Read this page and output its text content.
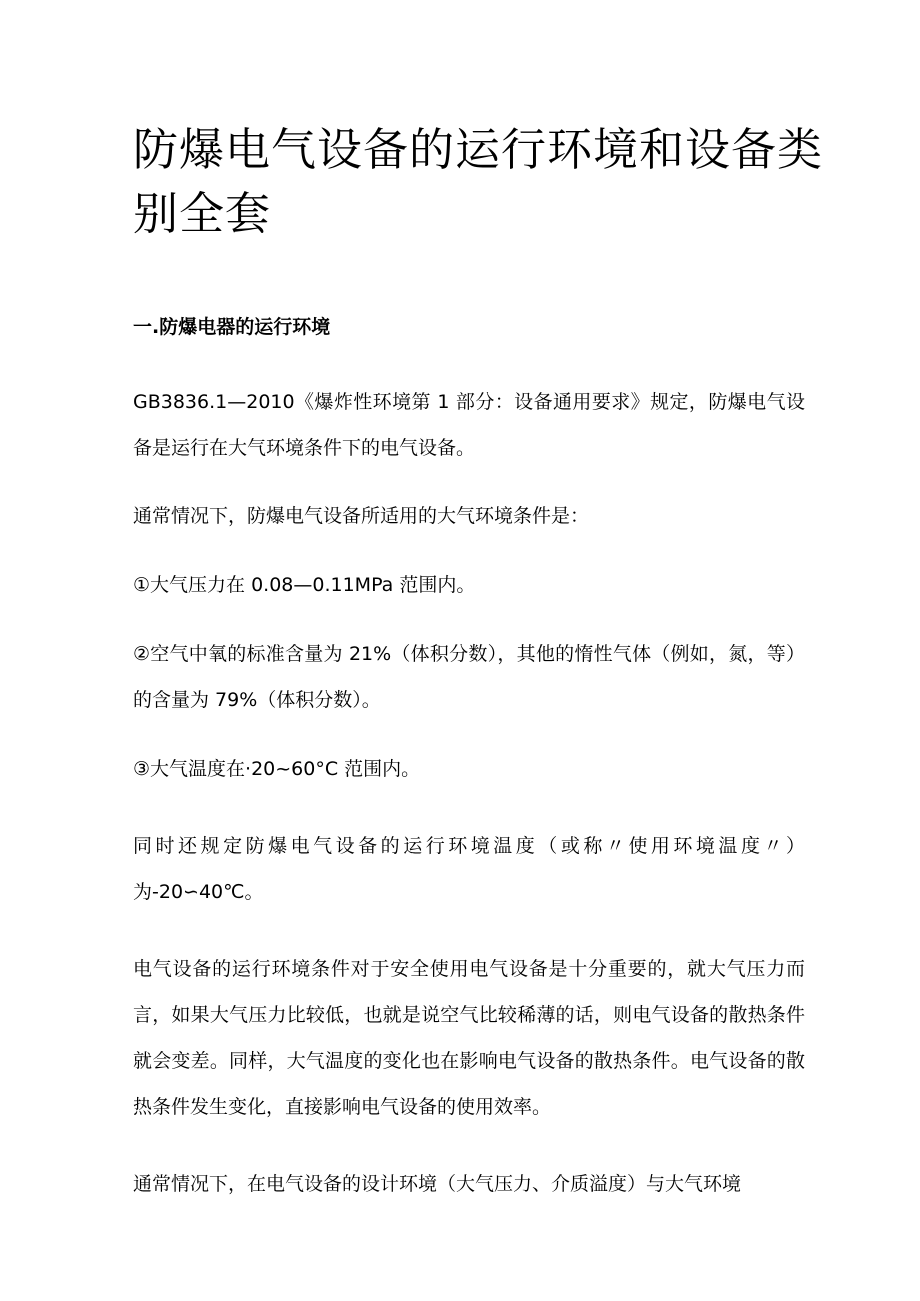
防爆电气设备的运行环境和设备类别全套
一.防爆电器的运行环境

GB3836.1—2010《爆炸性环境第 1 部分：设备通用要求》规定，防爆电气设备是运行在大气环境条件下的电气设备。

通常情况下，防爆电气设备所适用的大气环境条件是：

①大气压力在 0.08—0.11MPa 范围内。

②空气中氧的标准含量为 21%（体积分数），其他的惰性气体（例如，氮，等）的含量为 79%（体积分数）。

③大气温度在·20~60°C 范围内。

同时还规定防爆电气设备的运行环境温度（或称〃使用环境温度〃）为-20∽40℃。

电气设备的运行环境条件对于安全使用电气设备是十分重要的，就大气压力而言，如果大气压力比较低，也就是说空气比较稀薄的话，则电气设备的散热条件就会变差。同样，大气温度的变化也在影响电气设备的散热条件。电气设备的散热条件发生变化，直接影响电气设备的使用效率。

通常情况下，在电气设备的设计环境（大气压力、介质溢度）与大气环境
